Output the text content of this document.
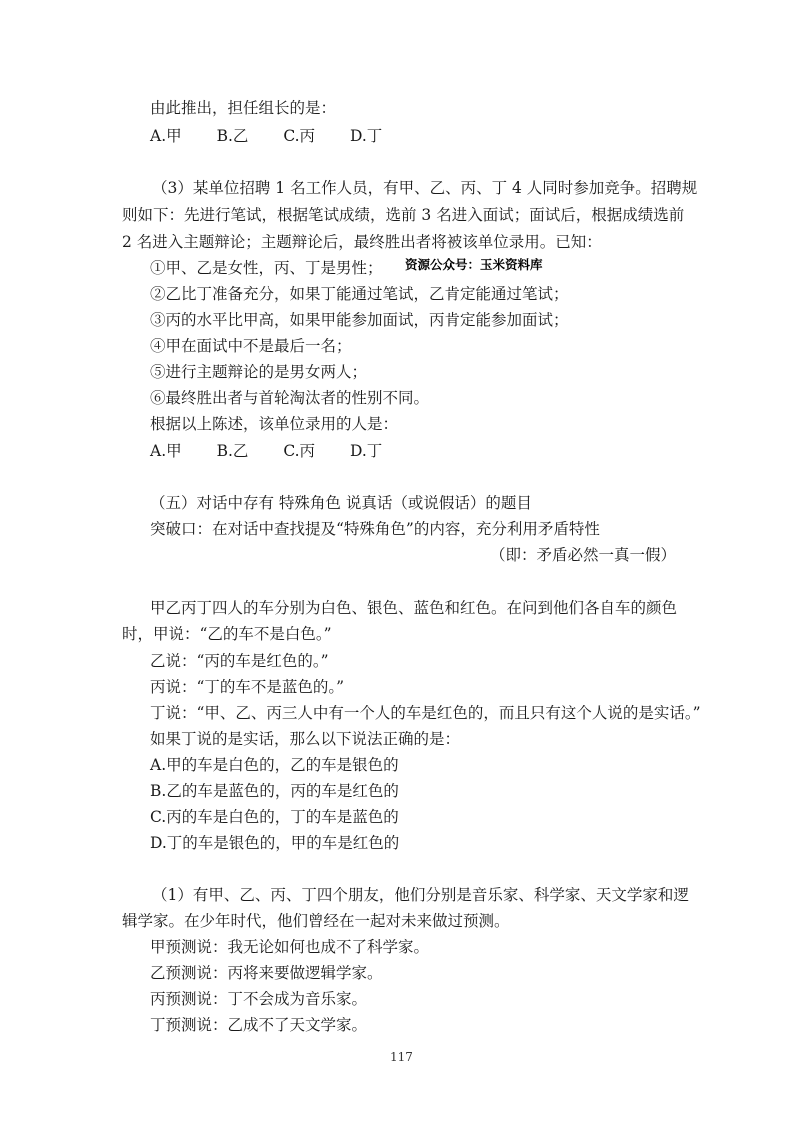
由此推出，担任组长的是：
A.甲 B.乙 C.丙 D.丁
（3）某单位招聘 1 名工作人员，有甲、乙、丙、丁 4 人同时参加竞争。招聘规
则如下：先进行笔试，根据笔试成绩，选前 3 名进入面试；面试后，根据成绩选前
2 名进入主题辩论；主题辩论后，最终胜出者将被该单位录用。已知：
①甲、乙是女性，丙、丁是男性； 资源公众号：玉米资料库
②乙比丁准备充分，如果丁能通过笔试，乙肯定能通过笔试；
③丙的水平比甲高，如果甲能参加面试，丙肯定能参加面试；
④甲在面试中不是最后一名；
⑤进行主题辩论的是男女两人；
⑥最终胜出者与首轮淘汰者的性别不同。
根据以上陈述，该单位录用的人是：
A.甲 B.乙 C.丙 D.丁
（五）对话中存有 特殊角色 说真话（或说假话）的题目
突破口：在对话中查找提及“特殊角色”的内容，充分利用矛盾特性
（即：矛盾必然一真一假）
甲乙丙丁四人的车分别为白色、银色、蓝色和红色。在问到他们各自车的颜色
时，甲说：“乙的车不是白色。”
乙说：“丙的车是红色的。”
丙说：“丁的车不是蓝色的。”
丁说：“甲、乙、丙三人中有一个人的车是红色的，而且只有这个人说的是实话。”
如果丁说的是实话，那么以下说法正确的是：
A.甲的车是白色的，乙的车是银色的
B.乙的车是蓝色的，丙的车是红色的
C.丙的车是白色的，丁的车是蓝色的
D.丁的车是银色的，甲的车是红色的
（1）有甲、乙、丙、丁四个朋友，他们分别是音乐家、科学家、天文学家和逻
辑学家。在少年时代，他们曾经在一起对未来做过预测。
甲预测说：我无论如何也成不了科学家。
乙预测说：丙将来要做逻辑学家。
丙预测说：丁不会成为音乐家。
丁预测说：乙成不了天文学家。
117
